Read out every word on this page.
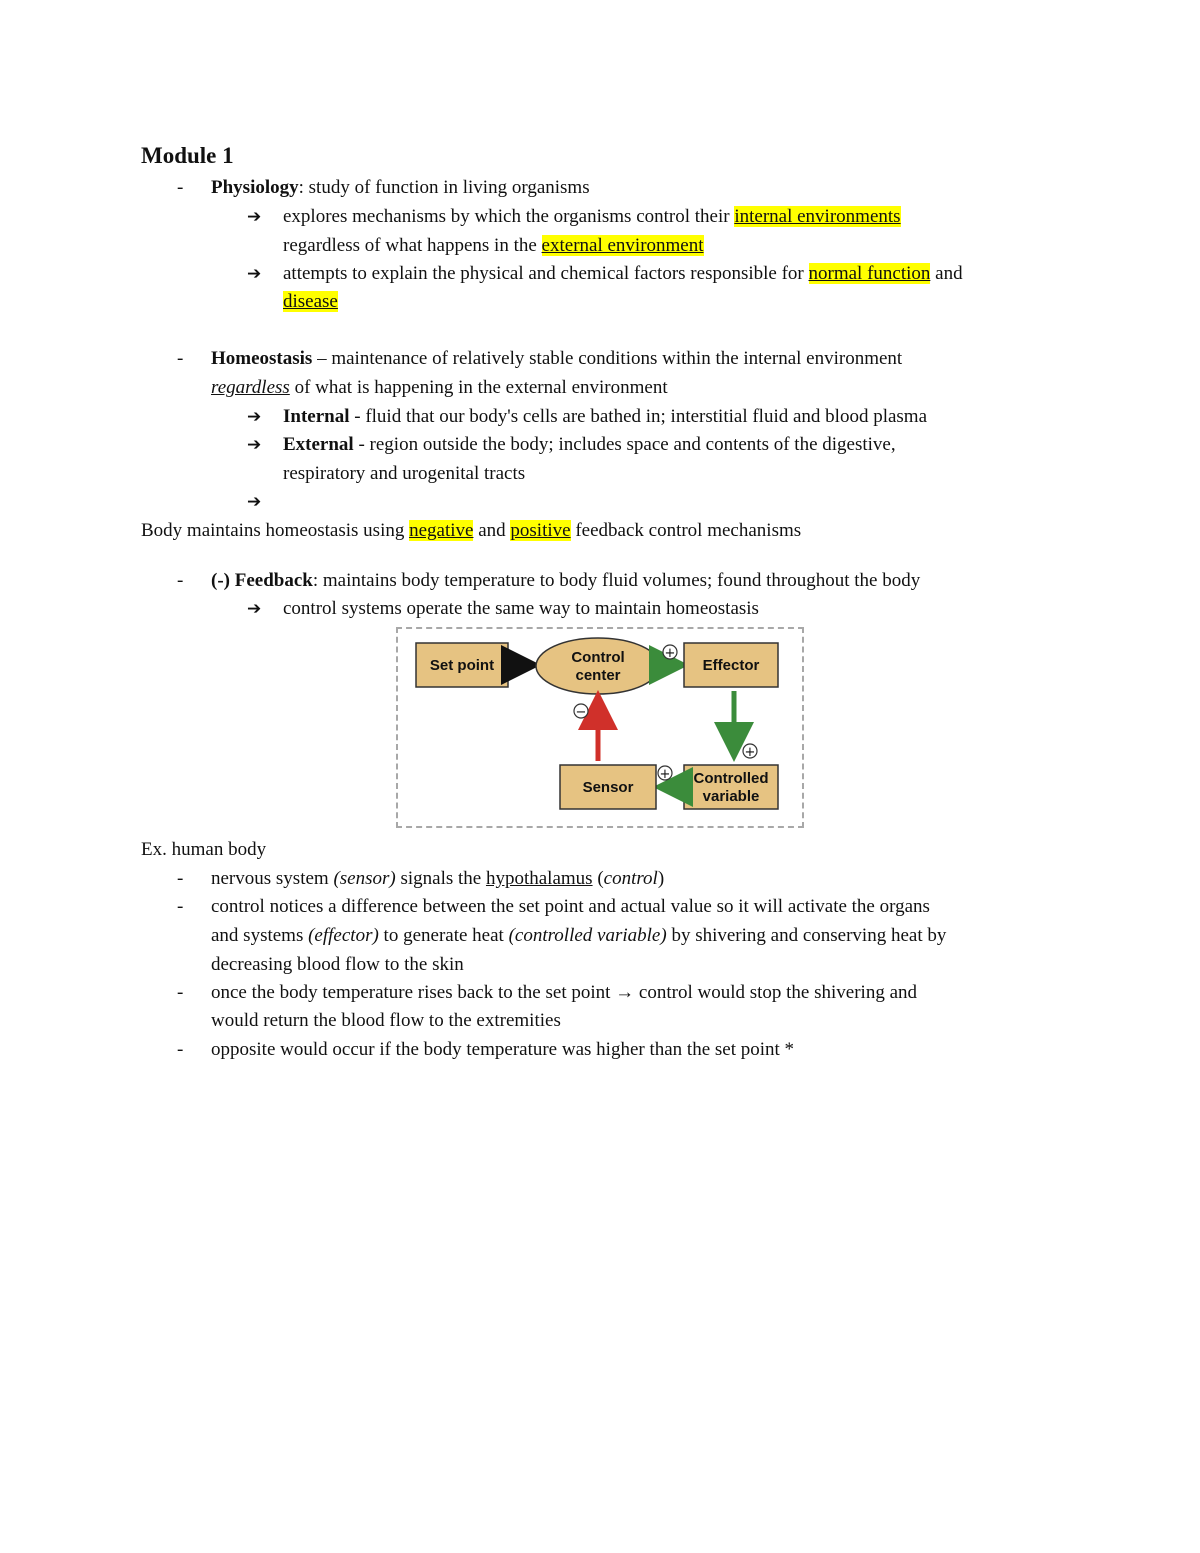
Module 1
- Physiology: study of function in living organisms
➔ explores mechanisms by which the organisms control their internal environments
regardless of what happens in the external environment
➔ attempts to explain the physical and chemical factors responsible for normal function and
disease
- Homeostasis – maintenance of relatively stable conditions within the internal environment
regardless of what is happening in the external environment
➔ Internal - fluid that our body's cells are bathed in; interstitial fluid and blood plasma
➔ External - region outside the body; includes space and contents of the digestive,
respiratory and urogenital tracts
➔
Body maintains homeostasis using negative and positive feedback control mechanisms
- (-) Feedback: maintains body temperature to body fluid volumes; found throughout the body
➔ control systems operate the same way to maintain homeostasis
Set point	Control
center
+
Effector
+
Controlled
variable
+
Sensor
−
Ex. human body
- nervous system (sensor) signals the hypothalamus (control)
- control notices a difference between the set point and actual value so it will activate the organs
and systems (effector) to generate heat (controlled variable) by shivering and conserving heat by
decreasing blood flow to the skin
- once the body temperature rises back to the set point → control would stop the shivering and
would return the blood flow to the extremities
- opposite would occur if the body temperature was higher than the set point *
